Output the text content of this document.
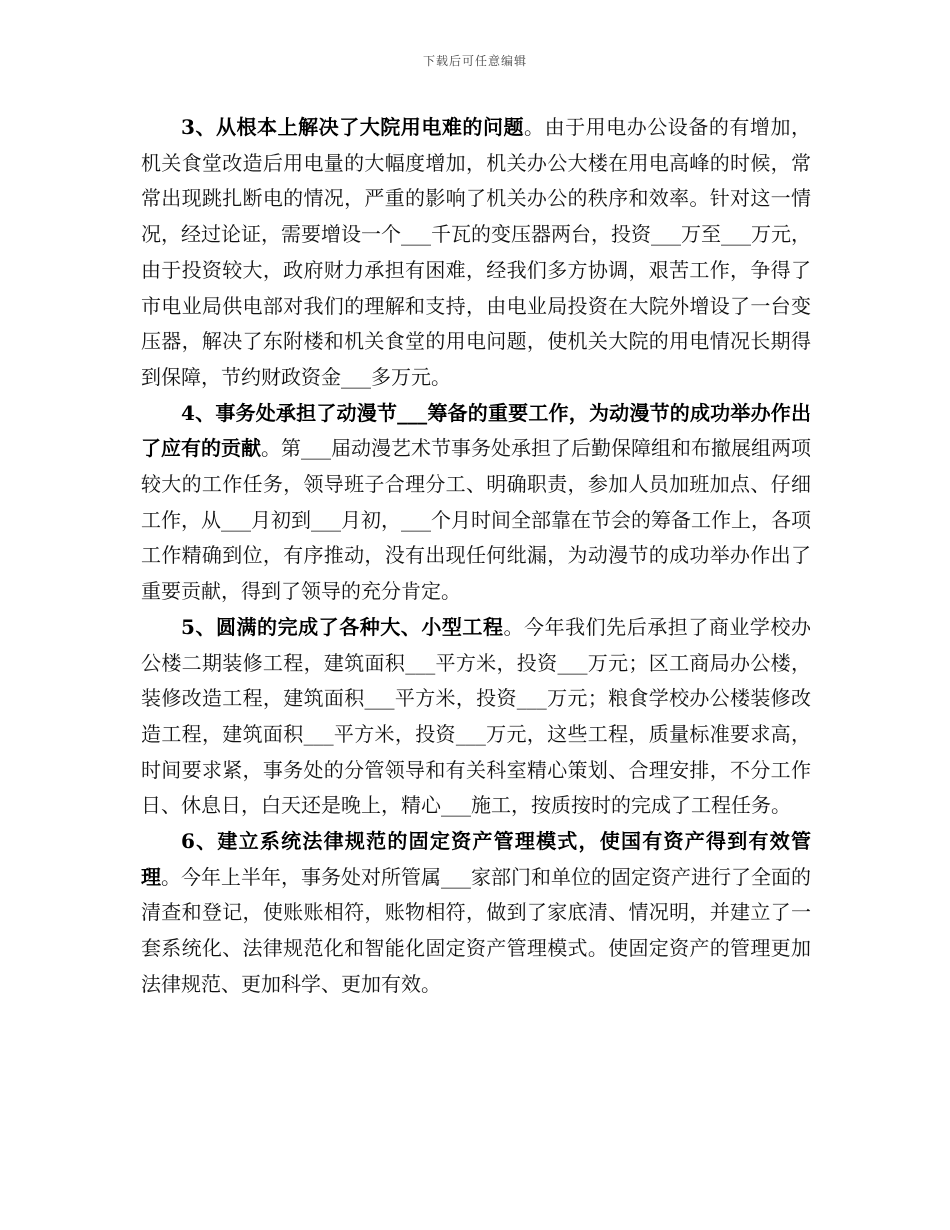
下载后可任意编辑

3、从根本上解决了大院用电难的问题。由于用电办公设备的有增加，机关食堂改造后用电量的大幅度增加，机关办公大楼在用电高峰的时候，常常出现跳扎断电的情况，严重的影响了机关办公的秩序和效率。针对这一情况，经过论证，需要增设一个___千瓦的变压器两台，投资___万至___万元，由于投资较大，政府财力承担有困难，经我们多方协调，艰苦工作，争得了市电业局供电部对我们的理解和支持，由电业局投资在大院外增设了一台变压器，解决了东附楼和机关食堂的用电问题，使机关大院的用电情况长期得到保障，节约财政资金___多万元。

4、事务处承担了动漫节___筹备的重要工作，为动漫节的成功举办作出了应有的贡献。第___届动漫艺术节事务处承担了后勤保障组和布撤展组两项较大的工作任务，领导班子合理分工、明确职责，参加人员加班加点、仔细工作，从___月初到___月初，___个月时间全部靠在节会的筹备工作上，各项工作精确到位，有序推动，没有出现任何纰漏，为动漫节的成功举办作出了重要贡献，得到了领导的充分肯定。

5、圆满的完成了各种大、小型工程。今年我们先后承担了商业学校办公楼二期装修工程，建筑面积___平方米，投资___万元；区工商局办公楼，装修改造工程，建筑面积___平方米，投资___万元；粮食学校办公楼装修改造工程，建筑面积___平方米，投资___万元，这些工程，质量标准要求高，时间要求紧，事务处的分管领导和有关科室精心策划、合理安排，不分工作日、休息日，白天还是晚上，精心___施工，按质按时的完成了工程任务。

6、建立系统法律规范的固定资产管理模式，使国有资产得到有效管理。今年上半年，事务处对所管属___家部门和单位的固定资产进行了全面的清查和登记，使账账相符，账物相符，做到了家底清、情况明，并建立了一套系统化、法律规范化和智能化固定资产管理模式。使固定资产的管理更加法律规范、更加科学、更加有效。
